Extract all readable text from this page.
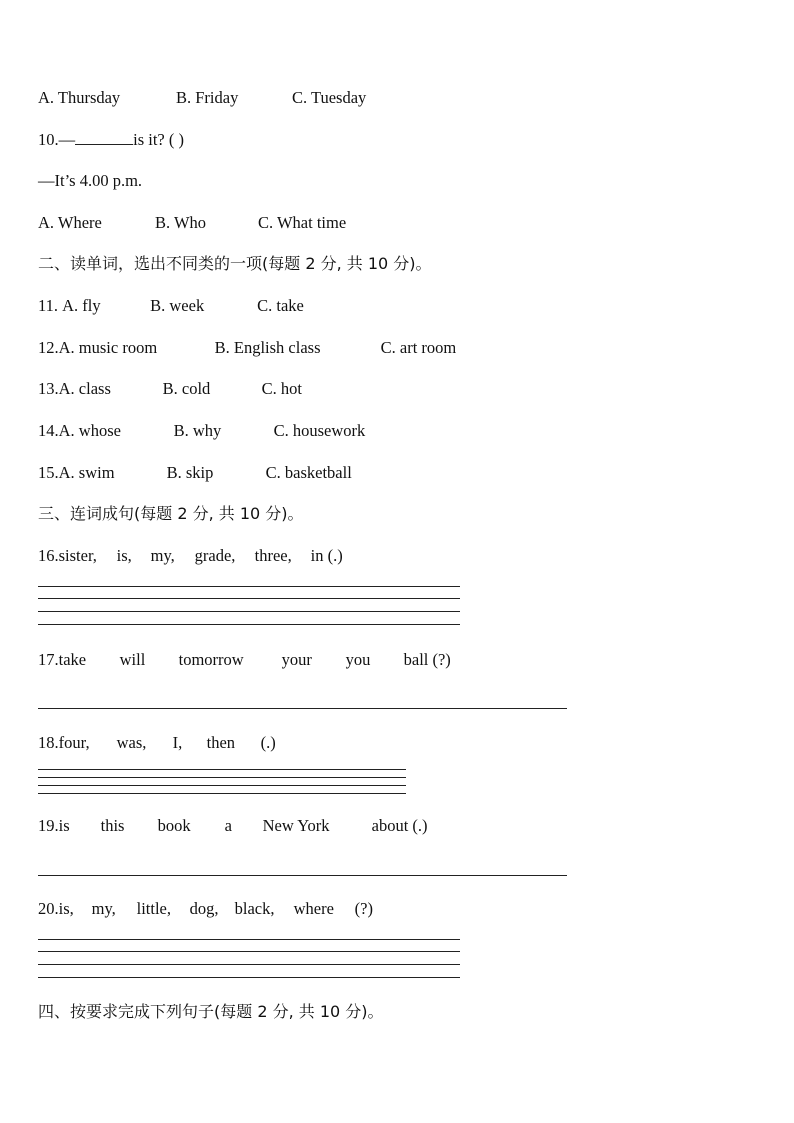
A. Thursday	B. Friday	C. Tuesday
10.—	is it? ( )
—It’s 4.00 p.m.
A. Where	B. Who	C. What time
二、读单词，选出不同类的一项(每题 2 分, 共 10 分)。
11. A. fly	B. week	C. take
12.A. music room	B. English class	C. art room
13.A. class	B. cold	C. hot
14.A. whose	B. why	C. housework
15.A. swim	B. skip	C. basketball
三、连词成句(每题 2 分, 共 10 分)。
16.sister, is, my, grade, three, in (.)
17.take will tomorrow your you ball (?)
18.four, was, I, then (.)
19.is this book a New York	about (.)
20.is, my, little, dog, black, where (?)
四、按要求完成下列句子(每题 2 分, 共 10 分)。
